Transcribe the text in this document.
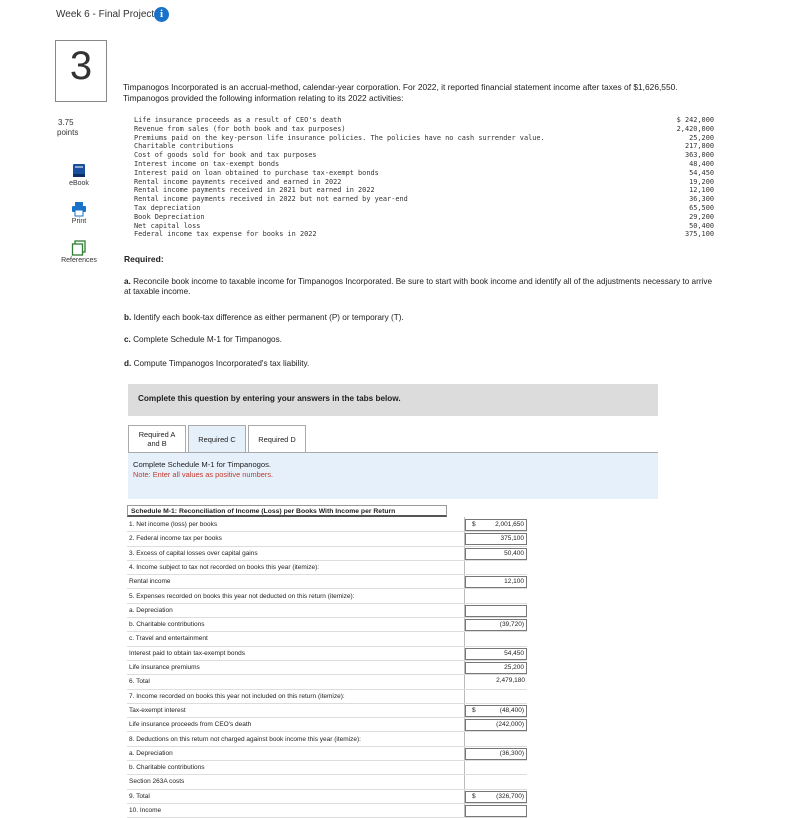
Week 6 - Final Project i
3
3.75
points
eBook
Print
References
Timpanogos Incorporated is an accrual-method, calendar-year corporation. For 2022, it reported financial statement income after taxes of $1,626,550. Timpanogos provided the following information relating to its 2022 activities:
Life insurance proceeds as a result of CEO's death	$ 242,000
Revenue from sales (for both book and tax purposes)	2,420,000
Premiums paid on the key-person life insurance policies. The policies have no cash surrender value.	25,200
Charitable contributions	217,800
Cost of goods sold for book and tax purposes	363,000
Interest income on tax-exempt bonds	48,400
Interest paid on loan obtained to purchase tax-exempt bonds	54,450
Rental income payments received and earned in 2022	19,200
Rental income payments received in 2021 but earned in 2022	12,100
Rental income payments received in 2022 but not earned by year-end	36,300
Tax depreciation	65,500
Book Depreciation	29,200
Net capital loss	50,400
Federal income tax expense for books in 2022	375,100
Required:
a. Reconcile book income to taxable income for Timpanogos Incorporated. Be sure to start with book income and identify all of the adjustments necessary to arrive at taxable income.
b. Identify each book-tax difference as either permanent (P) or temporary (T).
c. Complete Schedule M-1 for Timpanogos.
d. Compute Timpanogos Incorporated's tax liability.
Complete this question by entering your answers in the tabs below.
Required A
and B	Required C	Required D
Complete Schedule M-1 for Timpanogos.
Note: Enter all values as positive numbers.
Schedule M-1: Reconciliation of Income (Loss) per Books With Income per Return
1. Net income (loss) per books	2,001,650
$
2. Federal income tax per books	375,100
3. Excess of capital losses over capital gains	50,400
4. Income subject to tax not recorded on books this year (itemize):
Rental income	12,100
5. Expenses recorded on books this year not deducted on this return (itemize):
a. Depreciation
b. Charitable contributions	(39,720)
c. Travel and entertainment
Interest paid to obtain tax-exempt bonds	54,450
Life insurance premiums	25,200
6. Total	2,479,180
7. Income recorded on books this year not included on this return (itemize):
Tax-exempt interest	(48,400)
$
Life insurance proceeds from CEO's death	(242,000)
8. Deductions on this return not charged against book income this year (itemize):
a. Depreciation	(36,300)
b. Charitable contributions
Section 263A costs
9. Total	(326,700)
$
10. Income
